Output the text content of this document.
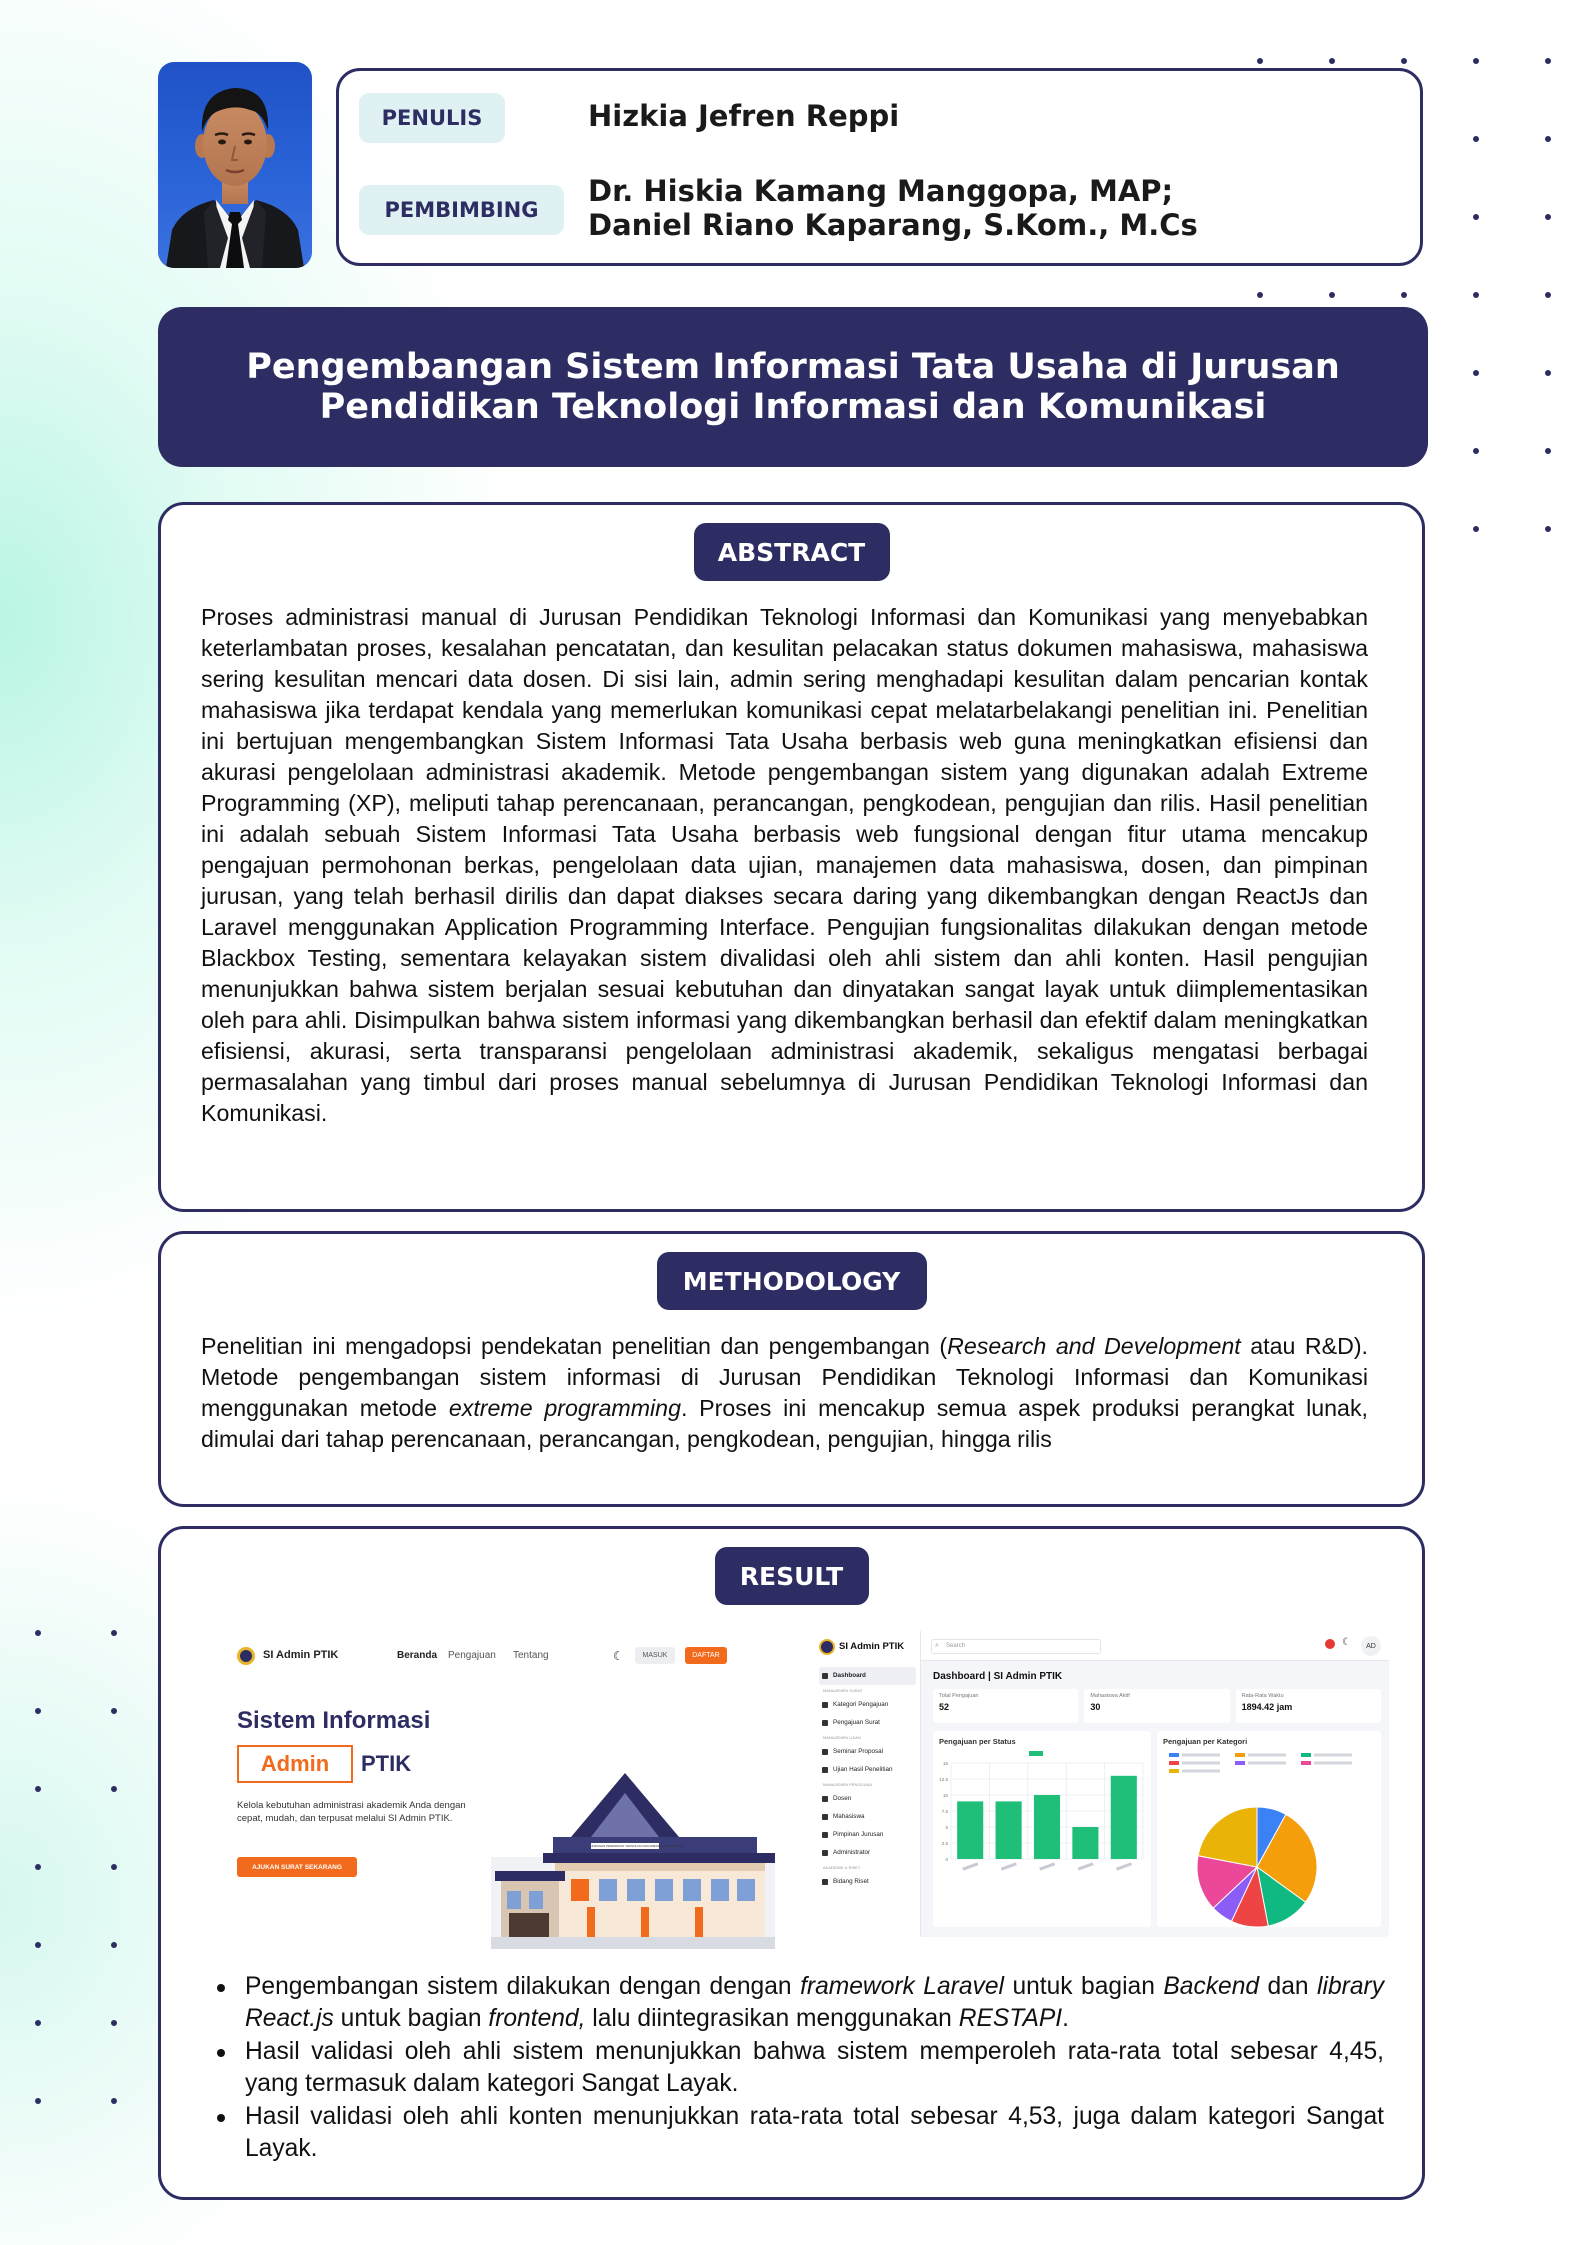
PENULIS	Hizkia Jefren Reppi
PEMBIMBING
Dr. Hiskia Kamang Manggopa, MAP;
Daniel Riano Kaparang, S.Kom., M.Cs
Pengembangan Sistem Informasi Tata Usaha di Jurusan
Pendidikan Teknologi Informasi dan Komunikasi
ABSTRACT
Proses administrasi manual di Jurusan Pendidikan Teknologi Informasi dan Komunikasi yang menyebabkan keterlambatan proses, kesalahan pencatatan, dan kesulitan pelacakan status dokumen mahasiswa, mahasiswa sering kesulitan mencari data dosen. Di sisi lain, admin sering menghadapi kesulitan dalam pencarian kontak mahasiswa jika terdapat kendala yang memerlukan komunikasi cepat melatarbelakangi penelitian ini. Penelitian ini bertujuan mengembangkan Sistem Informasi Tata Usaha berbasis web guna meningkatkan efisiensi dan akurasi pengelolaan administrasi akademik. Metode pengembangan sistem yang digunakan adalah Extreme Programming (XP), meliputi tahap perencanaan, perancangan, pengkodean, pengujian dan rilis. Hasil penelitian ini adalah sebuah Sistem Informasi Tata Usaha berbasis web fungsional dengan fitur utama mencakup pengajuan permohonan berkas, pengelolaan data ujian, manajemen data mahasiswa, dosen, dan pimpinan jurusan, yang telah berhasil dirilis dan dapat diakses secara daring yang dikembangkan dengan ReactJs dan Laravel menggunakan Application Programming Interface. Pengujian fungsionalitas dilakukan dengan metode Blackbox Testing, sementara kelayakan sistem divalidasi oleh ahli sistem dan ahli konten. Hasil pengujian menunjukkan bahwa sistem berjalan sesuai kebutuhan dan dinyatakan sangat layak untuk diimplementasikan oleh para ahli. Disimpulkan bahwa sistem informasi yang dikembangkan berhasil dan efektif dalam meningkatkan efisiensi, akurasi, serta transparansi pengelolaan administrasi akademik, sekaligus mengatasi berbagai permasalahan yang timbul dari proses manual sebelumnya di Jurusan Pendidikan Teknologi Informasi dan Komunikasi.
METHODOLOGY
Penelitian ini mengadopsi pendekatan penelitian dan pengembangan (Research and Development atau R&D). Metode pengembangan sistem informasi di Jurusan Pendidikan Teknologi Informasi dan Komunikasi menggunakan metode extreme programming. Proses ini mencakup semua aspek produksi perangkat lunak, dimulai dari tahap perencanaan, perancangan, pengkodean, pengujian, hingga rilis
RESULT
SI Admin PTIK	Beranda Pengajuan Tentang	☾	MASUK	DAFTAR
Sistem Informasi
Admin	PTIK
Kelola kebutuhan administrasi akademik Anda dengan cepat, mudah, dan terpusat melalui SI Admin PTIK.
AJUKAN SURAT SEKARANG
JURUSAN PENDIDIKAN TEKNOLOGI INFORMASI & KOMUNIKASI
SI Admin PTIK
Dashboard
MANAJEMEN SURAT
Kategori Pengajuan
Pengajuan Surat
MANAJEMEN UJIAN
Seminar Proposal
Ujian Hasil Penelitian
MANAJEMEN PENGGUNA
Dosen
Mahasiswa
Pimpinan Jurusan
Administrator
AKADEMIK & RISET
Bidang Riset
Search
⌕	☾	AD
Dashboard | SI Admin PTIK
Total Pengajuan
52
Mahasiswa Aktif
30
Rata-Rata Waktu
1894.42 jam
Pengajuan per Status
0
2.5
5
7.5
10
12.5
15
Pengajuan per Kategori
Pengembangan sistem dilakukan dengan dengan framework Laravel untuk bagian Backend dan library React.js untuk bagian frontend, lalu diintegrasikan menggunakan RESTAPI.
Hasil validasi oleh ahli sistem menunjukkan bahwa sistem memperoleh rata-rata total sebesar 4,45, yang termasuk dalam kategori Sangat Layak.
Hasil validasi oleh ahli konten menunjukkan rata-rata total sebesar 4,53, juga dalam kategori Sangat Layak.
